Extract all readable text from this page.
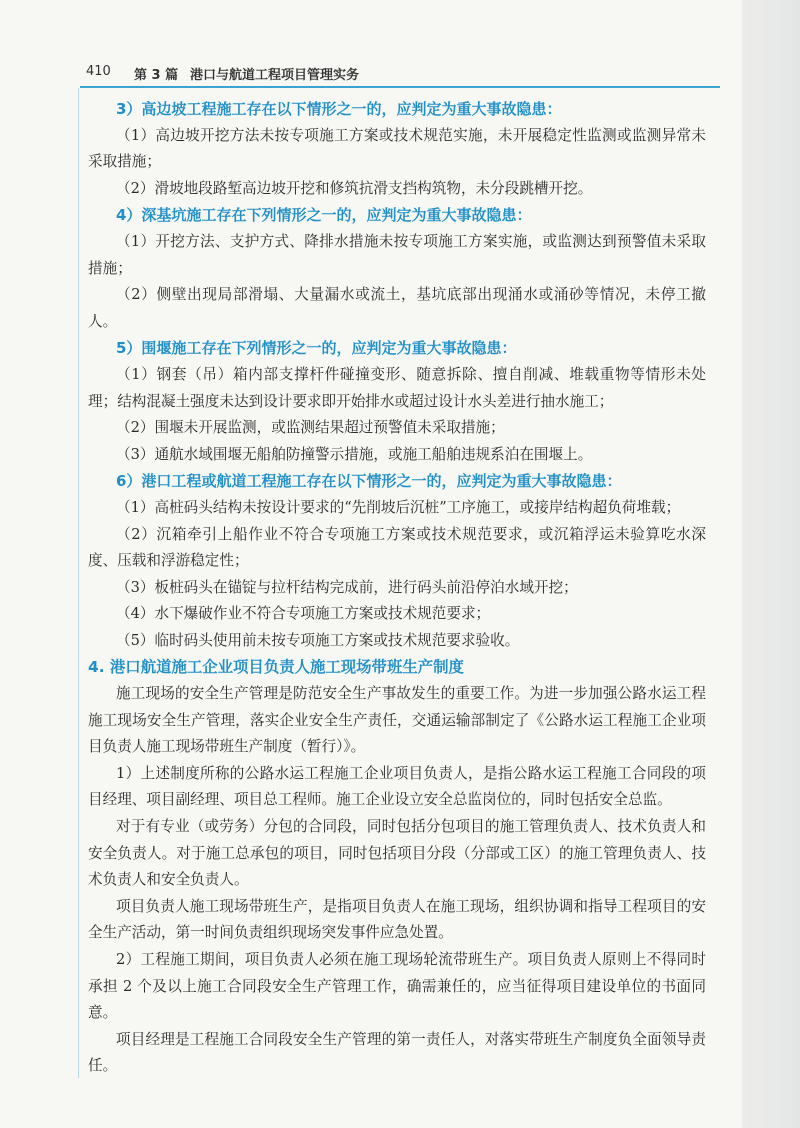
410 第 3 篇 港口与航道工程项目管理实务

3）高边坡工程施工存在以下情形之一的，应判定为重大事故隐患：

（1）高边坡开挖方法未按专项施工方案或技术规范实施，未开展稳定性监测或监测异常未采取措施；

（2）滑坡地段路堑高边坡开挖和修筑抗滑支挡构筑物，未分段跳槽开挖。

4）深基坑施工存在下列情形之一的，应判定为重大事故隐患：

（1）开挖方法、支护方式、降排水措施未按专项施工方案实施，或监测达到预警值未采取措施；

（2）侧壁出现局部滑塌、大量漏水或流土，基坑底部出现涌水或涌砂等情况，未停工撤人。

5）围堰施工存在下列情形之一的，应判定为重大事故隐患：

（1）钢套（吊）箱内部支撑杆件碰撞变形、随意拆除、擅自削减、堆载重物等情形未处理；结构混凝土强度未达到设计要求即开始排水或超过设计水头差进行抽水施工；

（2）围堰未开展监测，或监测结果超过预警值未采取措施；

（3）通航水域围堰无船舶防撞警示措施，或施工船舶违规系泊在围堰上。

6）港口工程或航道工程施工存在以下情形之一的，应判定为重大事故隐患：

（1）高桩码头结构未按设计要求的“先削坡后沉桩”工序施工，或接岸结构超负荷堆载；

（2）沉箱牵引上船作业不符合专项施工方案或技术规范要求，或沉箱浮运未验算吃水深度、压载和浮游稳定性；

（3）板桩码头在锚锭与拉杆结构完成前，进行码头前沿停泊水域开挖；

（4）水下爆破作业不符合专项施工方案或技术规范要求；

（5）临时码头使用前未按专项施工方案或技术规范要求验收。

4. 港口航道施工企业项目负责人施工现场带班生产制度

施工现场的安全生产管理是防范安全生产事故发生的重要工作。为进一步加强公路水运工程施工现场安全生产管理，落实企业安全生产责任，交通运输部制定了《公路水运工程施工企业项目负责人施工现场带班生产制度（暂行）》。

1）上述制度所称的公路水运工程施工企业项目负责人，是指公路水运工程施工合同段的项目经理、项目副经理、项目总工程师。施工企业设立安全总监岗位的，同时包括安全总监。

对于有专业（或劳务）分包的合同段，同时包括分包项目的施工管理负责人、技术负责人和安全负责人。对于施工总承包的项目，同时包括项目分段（分部或工区）的施工管理负责人、技术负责人和安全负责人。

项目负责人施工现场带班生产，是指项目负责人在施工现场，组织协调和指导工程项目的安全生产活动，第一时间负责组织现场突发事件应急处置。

2）工程施工期间，项目负责人必须在施工现场轮流带班生产。项目负责人原则上不得同时承担 2 个及以上施工合同段安全生产管理工作，确需兼任的，应当征得项目建设单位的书面同意。

项目经理是工程施工合同段安全生产管理的第一责任人，对落实带班生产制度负全面领导责任。
